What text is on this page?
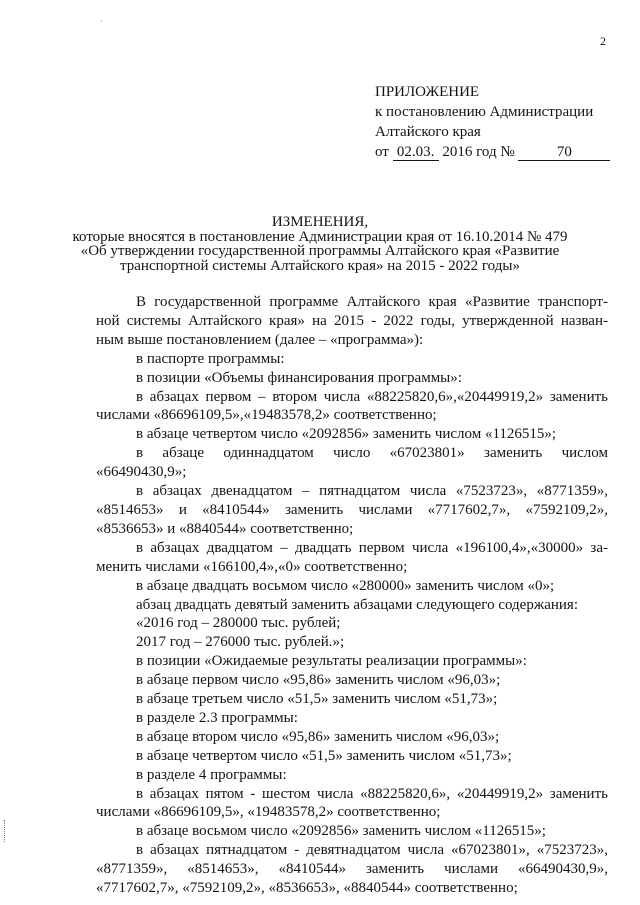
·
2
ПРИЛОЖЕНИЕ
к постановлению Администрации
Алтайского края
от 02.03. 2016 год №	70
ИЗМЕНЕНИЯ,
которые вносятся в постановление Администрации края от 16.10.2014 № 479
«Об утверждении государственной программы Алтайского края «Развитие
транспортной системы Алтайского края» на 2015 - 2022 годы»

В государственной программе Алтайского края «Развитие транспорт-

ной системы Алтайского края» на 2015 - 2022 годы, утвержденной назван-

ным выше постановлением (далее – «программа»):

в паспорте программы:

в позиции «Объемы финансирования программы»:

в абзацах первом – втором числа «88225820,6»,«20449919,2» заменить

числами «86696109,5»,«19483578,2» соответственно;

в абзаце четвертом число «2092856» заменить числом «1126515»;

в абзаце одиннадцатом число «67023801» заменить числом

«66490430,9»;

в абзацах двенадцатом – пятнадцатом числа «7523723», «8771359»,

«8514653» и «8410544» заменить числами «7717602,7», «7592109,2»,

«8536653» и «8840544» соответственно;

в абзацах двадцатом – двадцать первом числа «196100,4»,«30000» за-

менить числами «166100,4»,«0» соответственно;

в абзаце двадцать восьмом число «280000» заменить числом «0»;

абзац двадцать девятый заменить абзацами следующего содержания:

«2016 год – 280000 тыс. рублей;

2017 год – 276000 тыс. рублей.»;

в позиции «Ожидаемые результаты реализации программы»:

в абзаце первом число «95,86» заменить числом «96,03»;

в абзаце третьем число «51,5» заменить числом «51,73»;

в разделе 2.3 программы:

в абзаце втором число «95,86» заменить числом «96,03»;

в абзаце четвертом число «51,5» заменить числом «51,73»;

в разделе 4 программы:

в абзацах пятом - шестом числа «88225820,6», «20449919,2» заменить

числами «86696109,5», «19483578,2» соответственно;

в абзаце восьмом число «2092856» заменить числом «1126515»;

в абзацах пятнадцатом - девятнадцатом числа «67023801», «7523723»,

«8771359», «8514653», «8410544» заменить числами «66490430,9»,

«7717602,7», «7592109,2», «8536653», «8840544» соответственно;
